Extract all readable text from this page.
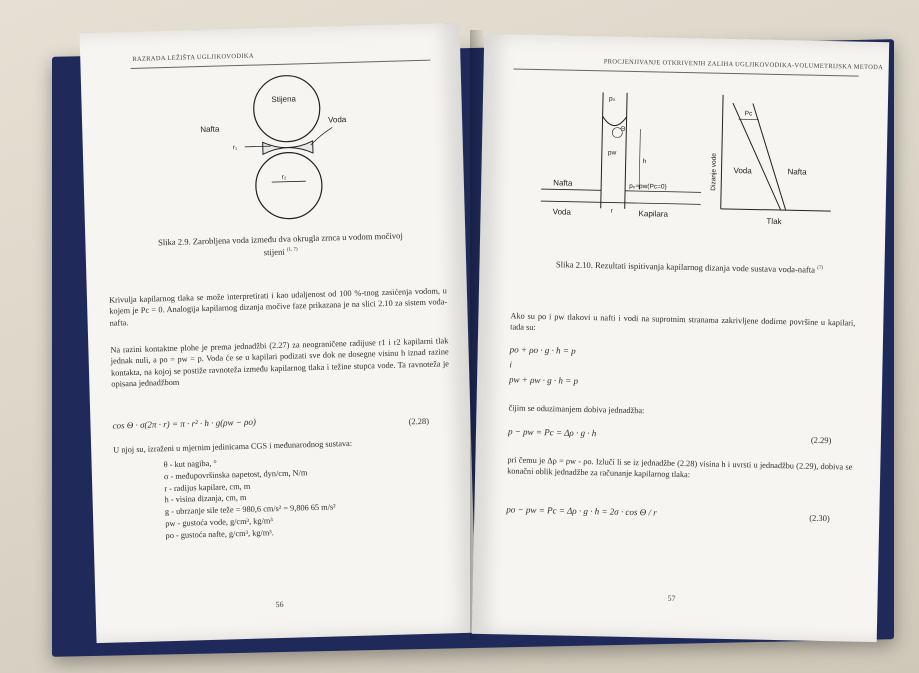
RAZRADA LEŽIŠTA UGLJIKOVODIKA
Stijena
Nafta
Voda
r₁
r₂
Slika 2.9. Zarobljena voda između dva okrugla zrnca u vodom močivoj
stijeni $^{(1, 7)}$
Krivulja kapilarnog tlaka se može interpretirati i kao udaljenost od 100 %-tnog zasićenja vodom, u kojem je Pc = 0. Analogija kapilarnog dizanja močive faze prikazana je na slici 2.10 za sistem voda-nafta.
Na razini kontaktne plohe je prema jednadžbi (2.27) za neograničene radijuse r1 i r2 kapilarni tlak jednak nuli, a po = pw = p. Voda će se u kapilari podizati sve dok ne dosegne visinu h iznad razine kontakta, na kojoj se postiže ravnoteža između kapilarnog tlaka i težine stupca vode. Ta ravnoteža je opisana jednadžbom
cos Θ · σ(2π · r) = π · r² · h · g(ρw − ρo)	(2.28)
U njoj su, izraženi u mjernim jedinicama CGS i međunarodnog sustava:
θ - kut nagiba, °
σ - međupovršinska napetost, dyn/cm, N/m
r - radijus kapilare, cm, m
h - visina dizanja, cm, m
g - ubrzanje sile teže = 980,6 cm/s² = 9,806 65 m/s²
ρw - gustoća vode, g/cm³, kg/m³
ρo - gustoća nafte, g/cm³, kg/m³.
56
PROCJENJIVANJE OTKRIVENIH ZALIHA UGLJIKOVODIKA-VOLUMETRIJSKA METODA
pₒ
pw
Θ
h
r
Nafta
Voda
pₒ=pw(Pc=0)
Kapilara
Pc
Dizanje vode Voda	Nafta
Tlak
Slika 2.10. Rezultati ispitivanja kapilarnog dizanja vode sustava voda-nafta $^{(7)}$
Ako su po i pw tlakovi u nafti i vodi na suprotnim stranama zakrivljene dodirne površine u kapilari, tada su:
po + ρo · g · h = p
i
pw + ρw · g · h = p
čijim se oduzimanjem dobiva jednadžba:
p − pw = Pc = Δρ · g · h
(2.29)
pri čemu je Δρ = ρw - ρo. Izlučí li se iz jednadžbe (2.28) visina h i uvrsti u jednadžbu (2.29), dobiva se konačni oblik jednadžbe za računanje kapilarnog tlaka:
po − pw = Pc = Δρ · g · h = 2σ · cos Θ / r
(2.30)
57
